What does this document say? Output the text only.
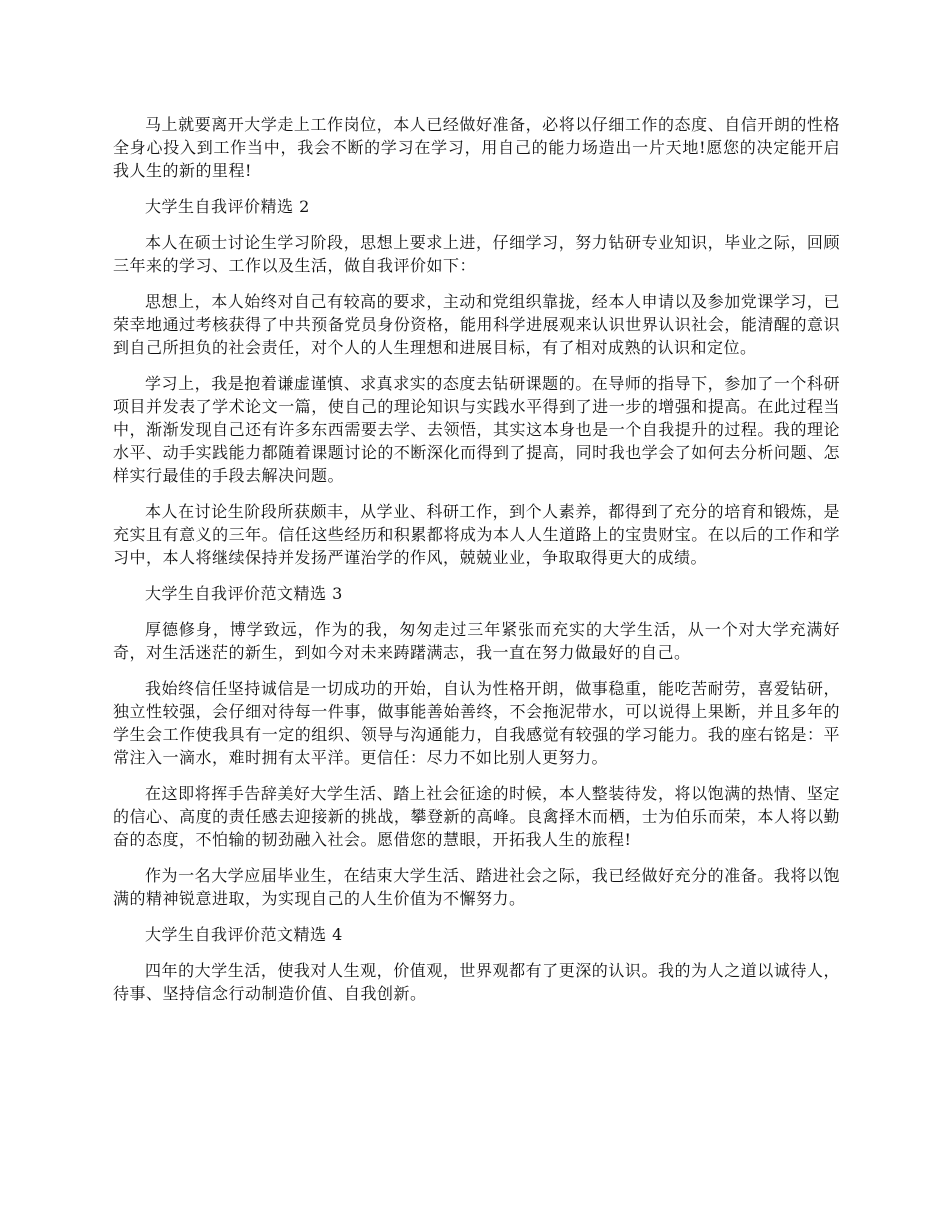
马上就要离开大学走上工作岗位，本人已经做好准备，必将以仔细工作的态度、自信开朗的性格全身心投入到工作当中，我会不断的学习在学习，用自己的能力场造出一片天地!愿您的决定能开启我人生的新的里程!

大学生自我评价精选 2

本人在硕士讨论生学习阶段，思想上要求上进，仔细学习，努力钻研专业知识，毕业之际，回顾三年来的学习、工作以及生活，做自我评价如下：

思想上，本人始终对自己有较高的要求，主动和党组织靠拢，经本人申请以及参加党课学习，已荣幸地通过考核获得了中共预备党员身份资格，能用科学进展观来认识世界认识社会，能清醒的意识到自己所担负的社会责任，对个人的人生理想和进展目标，有了相对成熟的认识和定位。

学习上，我是抱着谦虚谨慎、求真求实的态度去钻研课题的。在导师的指导下，参加了一个科研项目并发表了学术论文一篇，使自己的理论知识与实践水平得到了进一步的增强和提高。在此过程当中，渐渐发现自己还有许多东西需要去学、去领悟，其实这本身也是一个自我提升的过程。我的理论水平、动手实践能力都随着课题讨论的不断深化而得到了提高，同时我也学会了如何去分析问题、怎样实行最佳的手段去解决问题。

本人在讨论生阶段所获颇丰，从学业、科研工作，到个人素养，都得到了充分的培育和锻炼，是充实且有意义的三年。信任这些经历和积累都将成为本人人生道路上的宝贵财宝。在以后的工作和学习中，本人将继续保持并发扬严谨治学的作风，兢兢业业，争取取得更大的成绩。

大学生自我评价范文精选 3

厚德修身，博学致远，作为的我，匆匆走过三年紧张而充实的大学生活，从一个对大学充满好奇，对生活迷茫的新生，到如今对未来踌躇满志，我一直在努力做最好的自己。

我始终信任坚持诚信是一切成功的开始，自认为性格开朗，做事稳重，能吃苦耐劳，喜爱钻研，独立性较强，会仔细对待每一件事，做事能善始善终，不会拖泥带水，可以说得上果断，并且多年的学生会工作使我具有一定的组织、领导与沟通能力，自我感觉有较强的学习能力。我的座右铭是：平常注入一滴水，难时拥有太平洋。更信任：尽力不如比别人更努力。

在这即将挥手告辞美好大学生活、踏上社会征途的时候，本人整装待发，将以饱满的热情、坚定的信心、高度的责任感去迎接新的挑战，攀登新的高峰。良禽择木而栖，士为伯乐而荣，本人将以勤奋的态度，不怕输的韧劲融入社会。愿借您的慧眼，开拓我人生的旅程!

作为一名大学应届毕业生，在结束大学生活、踏进社会之际，我已经做好充分的准备。我将以饱满的精神锐意进取，为实现自己的人生价值为不懈努力。

大学生自我评价范文精选 4

四年的大学生活，使我对人生观，价值观，世界观都有了更深的认识。我的为人之道以诚待人，待事、坚持信念行动制造价值、自我创新。
